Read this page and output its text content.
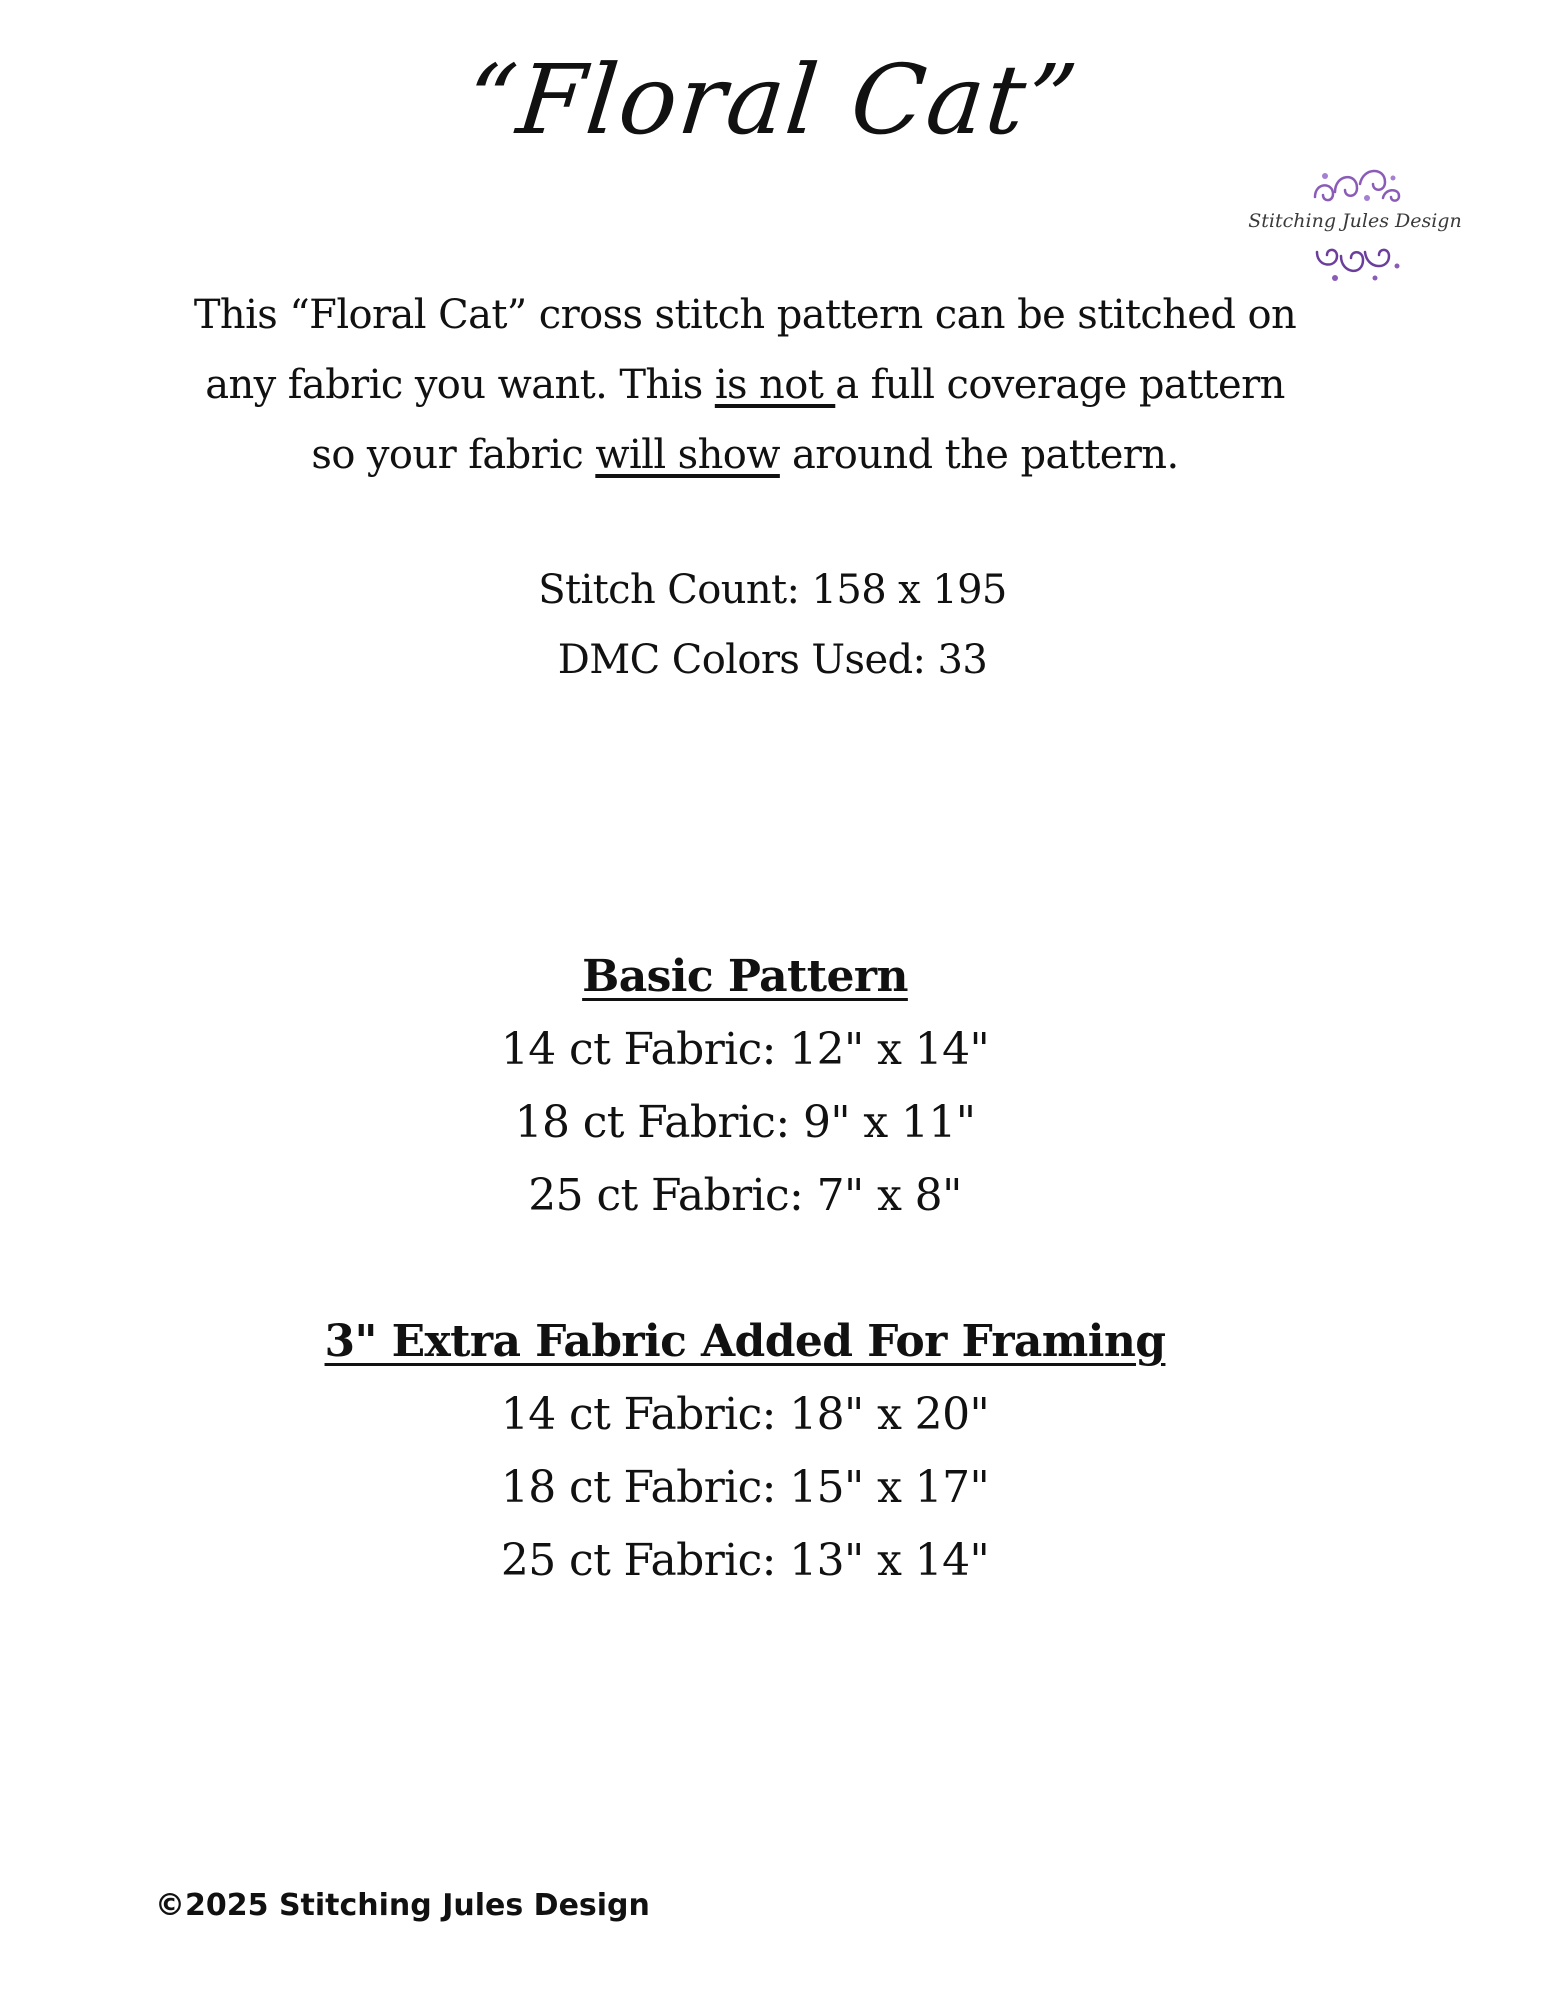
“Floral Cat”
Stitching Jules Design
This “Floral Cat” cross stitch pattern can be stitched on
any fabric you want. This is not a full coverage pattern
so your fabric will show around the pattern.
Stitch Count: 158 x 195
DMC Colors Used: 33
Basic Pattern
14 ct Fabric: 12" x 14"
18 ct Fabric: 9" x 11"
25 ct Fabric: 7" x 8"
3" Extra Fabric Added For Framing
14 ct Fabric: 18" x 20"
18 ct Fabric: 15" x 17"
25 ct Fabric: 13" x 14"
©2025 Stitching Jules Design
